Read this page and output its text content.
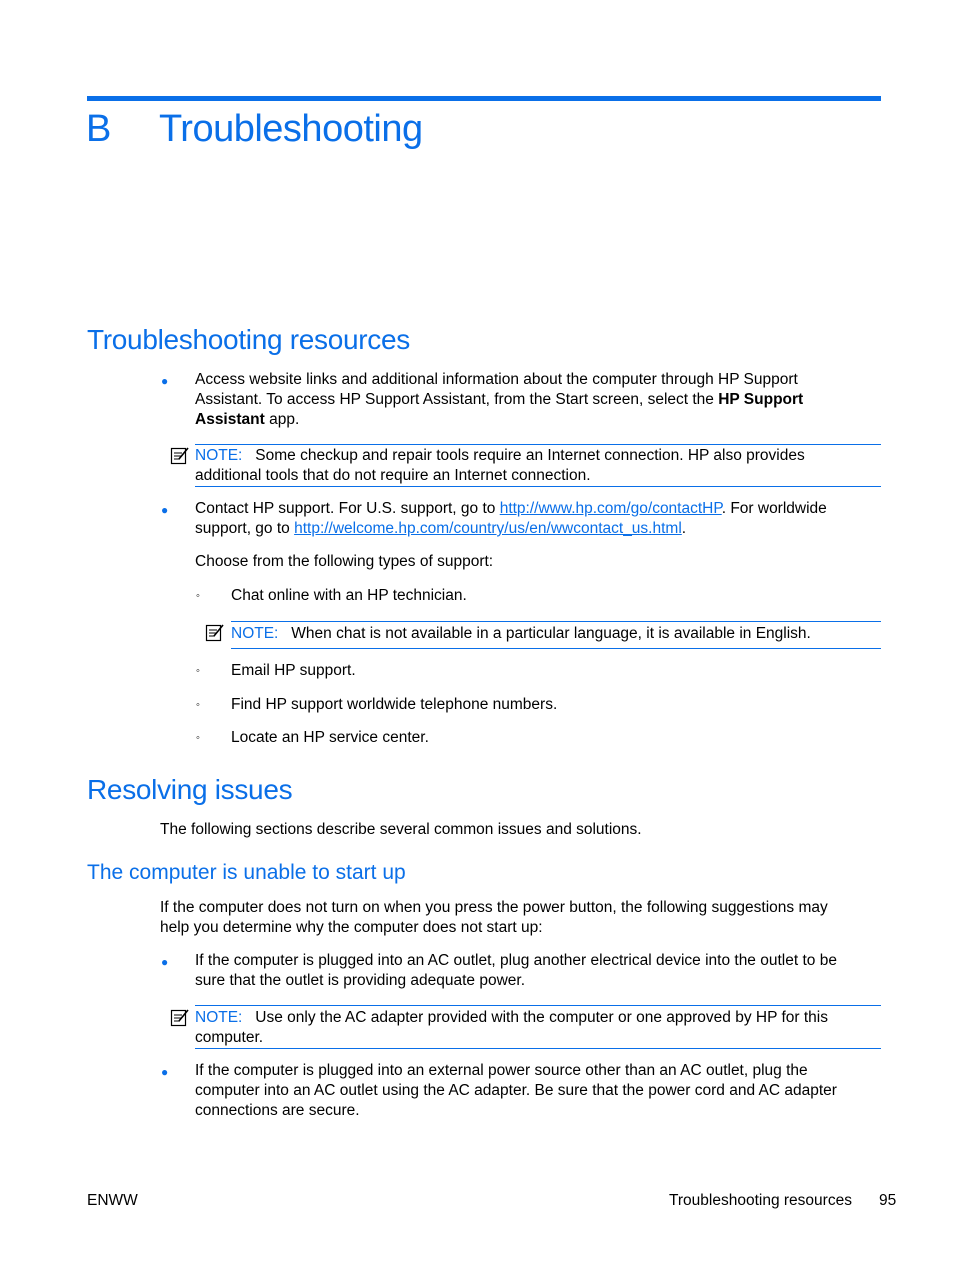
B Troubleshooting
Troubleshooting resources
● Access website links and additional information about the computer through HP Support
Assistant. To access HP Support Assistant, from the Start screen, select the HP Support
Assistant app.
NOTE: Some checkup and repair tools require an Internet connection. HP also provides
additional tools that do not require an Internet connection.
● Contact HP support. For U.S. support, go to http://www.hp.com/go/contactHP. For worldwide
support, go to http://welcome.hp.com/country/us/en/wwcontact_us.html.
Choose from the following types of support:
◦ Chat online with an HP technician.
NOTE: When chat is not available in a particular language, it is available in English.
◦ Email HP support.
◦ Find HP support worldwide telephone numbers.
◦ Locate an HP service center.
Resolving issues
The following sections describe several common issues and solutions.
The computer is unable to start up
If the computer does not turn on when you press the power button, the following suggestions may
help you determine why the computer does not start up:
● If the computer is plugged into an AC outlet, plug another electrical device into the outlet to be
sure that the outlet is providing adequate power.
NOTE: Use only the AC adapter provided with the computer or one approved by HP for this
computer.
● If the computer is plugged into an external power source other than an AC outlet, plug the
computer into an AC outlet using the AC adapter. Be sure that the power cord and AC adapter
connections are secure.
ENWW	Troubleshooting resources 95
